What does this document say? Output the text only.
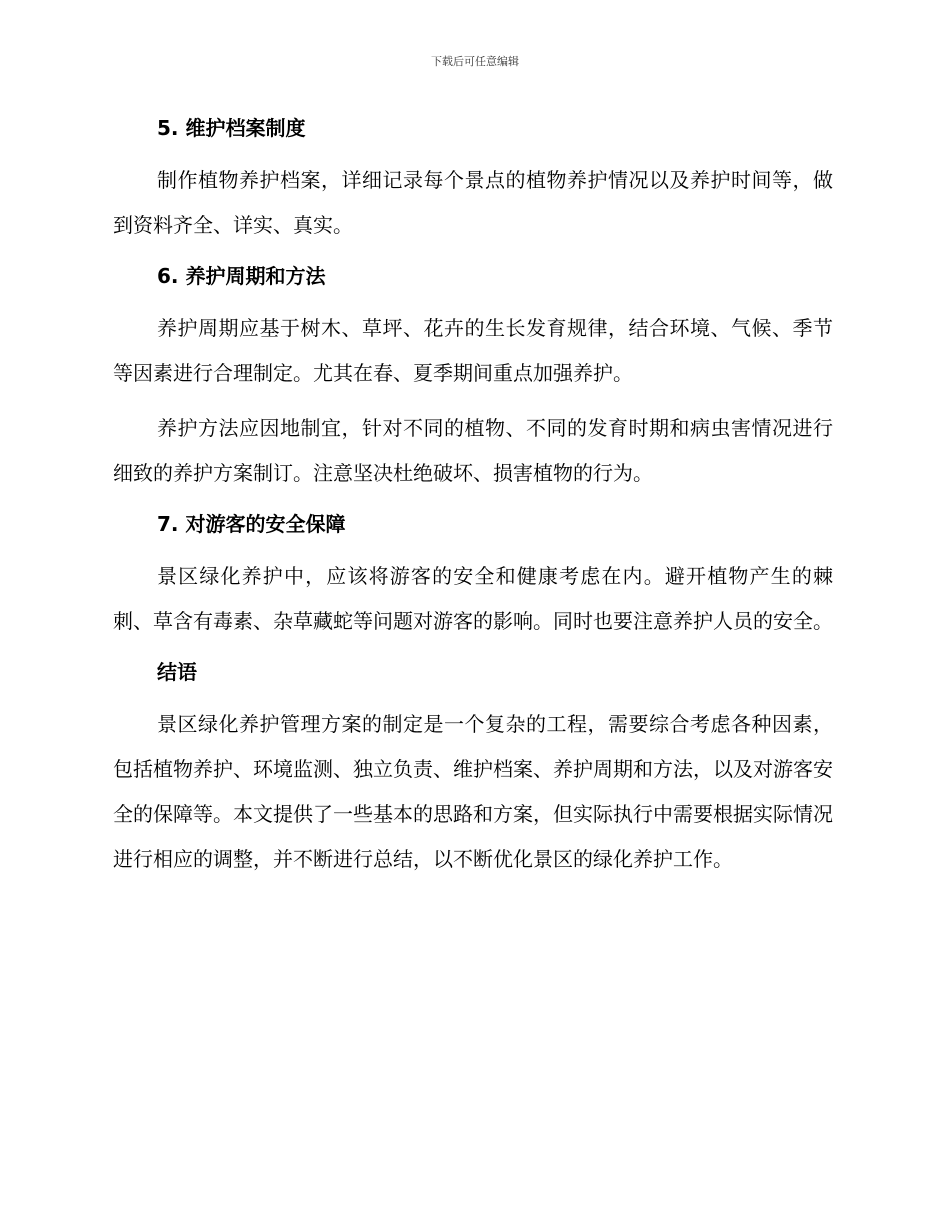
下载后可任意编辑
5. 维护档案制度

制作植物养护档案，详细记录每个景点的植物养护情况以及养护时间等，做到资料齐全、详实、真实。

6. 养护周期和方法

养护周期应基于树木、草坪、花卉的生长发育规律，结合环境、气候、季节等因素进行合理制定。尤其在春、夏季期间重点加强养护。

养护方法应因地制宜，针对不同的植物、不同的发育时期和病虫害情况进行细致的养护方案制订。注意坚决杜绝破坏、损害植物的行为。

7. 对游客的安全保障

景区绿化养护中，应该将游客的安全和健康考虑在内。避开植物产生的棘刺、草含有毒素、杂草藏蛇等问题对游客的影响。同时也要注意养护人员的安全。

结语

景区绿化养护管理方案的制定是一个复杂的工程，需要综合考虑各种因素，包括植物养护、环境监测、独立负责、维护档案、养护周期和方法，以及对游客安全的保障等。本文提供了一些基本的思路和方案，但实际执行中需要根据实际情况进行相应的调整，并不断进行总结，以不断优化景区的绿化养护工作。
